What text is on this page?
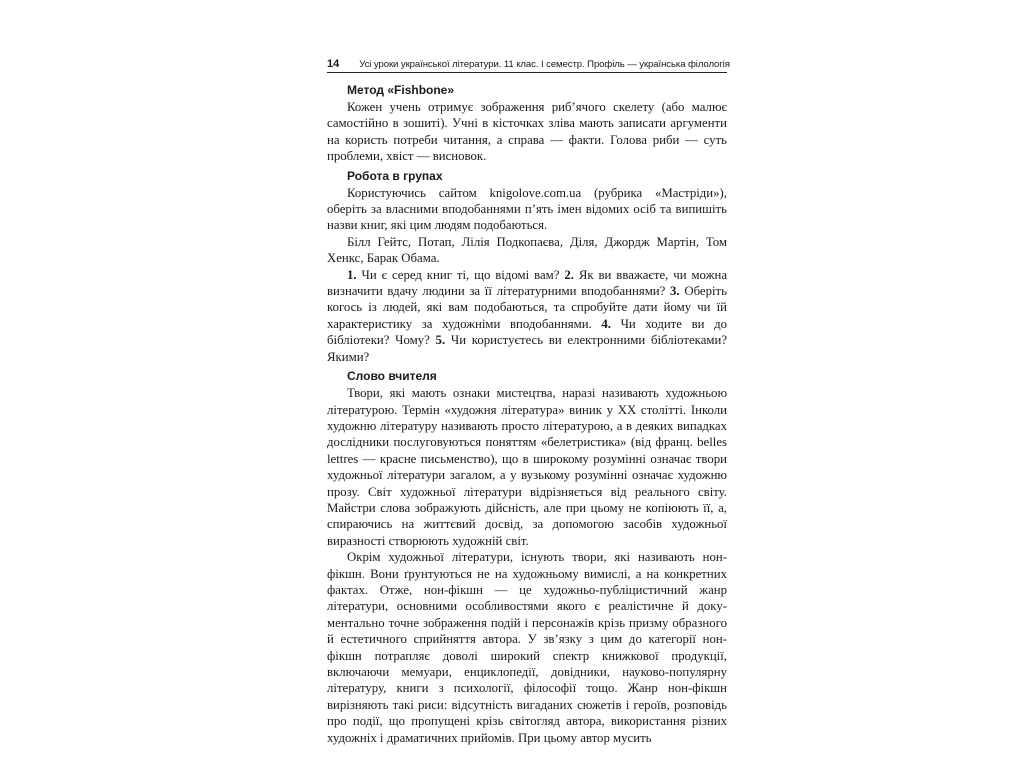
14 Усі уроки української літератури. 11 клас. I семестр. Профіль — українська філологія
Метод «Fishbone»

Кожен учень отримує зображення риб’ячого скелету (або малює самостійно в зошиті). Учні в кісточках зліва мають записати аргументи на користь потреби читання, а справа — факти. Голова риби — суть проблеми, хвіст — висновок.

Робота в групах

Користуючись сайтом knigolove.com.ua (рубрика «Мастріди»), оберіть за власними вподобаннями п’ять імен відомих осіб та випишіть назви книг, які цим людям подобаються.

Білл Гейтс, Потап, Лілія Подкопаєва, Діля, Джордж Мартін, Том Хенкс, Барак Обама.

1. Чи є серед книг ті, що відомі вам? 2. Як ви вважаєте, чи можна визначити вдачу людини за її літературними вподобаннями? 3. Оберіть когось із людей, які вам подобаються, та спробуйте дати йому чи їй характеристику за художніми вподобаннями. 4. Чи ходите ви до бібліотеки? Чому? 5. Чи користуєтесь ви електронними бібліотеками? Якими?

Слово вчителя

Твори, які мають ознаки мистецтва, наразі називають художньою літературою. Термін «художня література» виник у XX столітті. Інколи художню літературу називають просто літературою, а в деяких випадках дослідники послуговуються поняттям «белетристика» (від франц. belles lettres — красне письменство), що в широкому розумінні означає твори художньої літератури загалом, а у вузькому розумінні означає художню прозу. Світ художньої літератури відрізняється від реального світу. Майстри слова зображують дійсність, але при цьому не копіюють її, а, спираючись на життєвий досвід, за допомогою засобів художньої виразності створюють художній світ.

Окрім художньої літератури, існують твори, які називають нон-фікшн. Вони ґрунтуються не на художньому вимислі, а на конкретних фактах. Отже, нон-фікшн — це художньо-публіцистичний жанр літератури, основними особливостями якого є реалістичне й документально точне зображення подій і персонажів крізь призму образного й естетичного сприйняття автора. У зв’язку з цим до категорії нон-фікшн потрапляє доволі широкий спектр книжкової продукції, включаючи мемуари, енциклопедії, довідники, науково-популярну літературу, книги з психології, філософії тощо. Жанр нон-фікшн вирізняють такі риси: відсутність вигаданих сюжетів і героїв, розповідь про події, що пропущені крізь світогляд автора, використання різних художніх і драматичних прийомів. При цьому автор мусить
